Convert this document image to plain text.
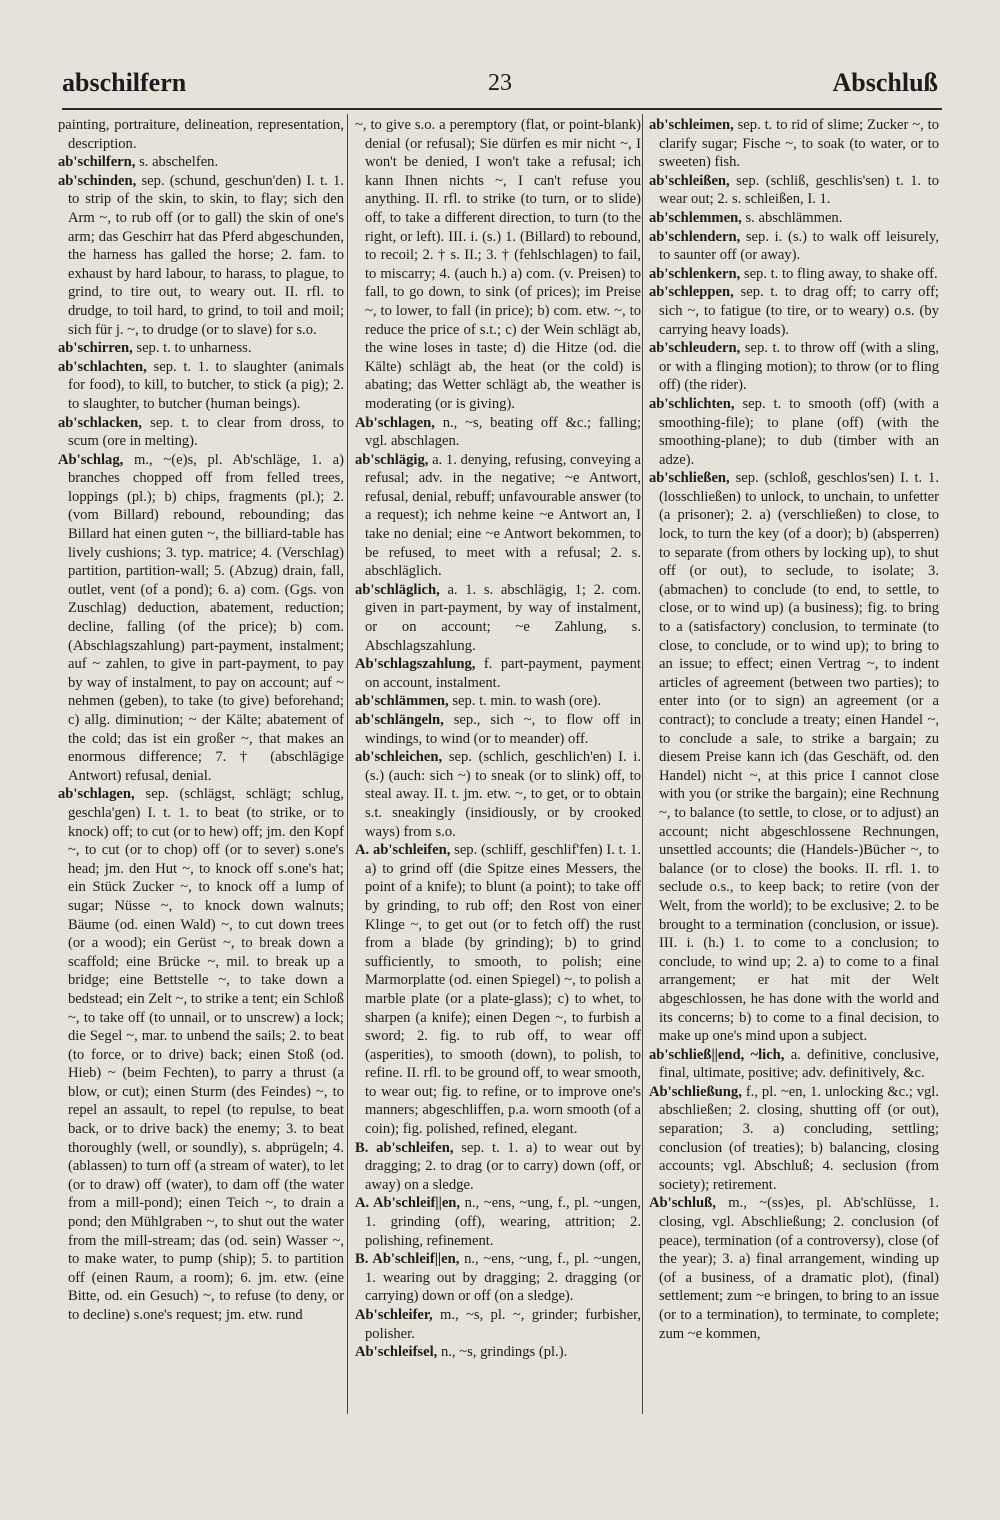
abschilfern	23	Abschluß

painting, portraiture, delineation, representation, description.

ab'schilfern, s. abschelfen.

ab'schinden, sep. (schund, geschun'den) I. t. 1. to strip of the skin, to skin, to flay; sich den Arm ~, to rub off (or to gall) the skin of one's arm; das Geschirr hat das Pferd abgeschunden, the harness has galled the horse; 2. fam. to exhaust by hard labour, to harass, to plague, to grind, to tire out, to weary out. II. rfl. to drudge, to toil hard, to grind, to toil and moil; sich für j. ~, to drudge (or to slave) for s.o.

ab'schirren, sep. t. to unharness.

ab'schlachten, sep. t. 1. to slaughter (animals for food), to kill, to butcher, to stick (a pig); 2. to slaughter, to butcher (human beings).

ab'schlacken, sep. t. to clear from dross, to scum (ore in melting).

Ab'schlag, m., ~(e)s, pl. Ab'schläge, 1. a) branches chopped off from felled trees, loppings (pl.); b) chips, fragments (pl.); 2. (vom Billard) rebound, rebounding; das Billard hat einen guten ~, the billiard-table has lively cushions; 3. typ. matrice; 4. (Verschlag) partition, partition-wall; 5. (Abzug) drain, fall, outlet, vent (of a pond); 6. a) com. (Ggs. von Zuschlag) deduction, abatement, reduction; decline, falling (of the price); b) com. (Abschlagszahlung) part-payment, instalment; auf ~ zahlen, to give in part-payment, to pay by way of instalment, to pay on account; auf ~ nehmen (geben), to take (to give) beforehand; c) allg. diminution; ~ der Kälte; abatement of the cold; das ist ein großer ~, that makes an enormous difference; 7. † (abschlägige Antwort) refusal, denial.

ab'schlagen, sep. (schlägst, schlägt; schlug, geschla'gen) I. t. 1. to beat (to strike, or to knock) off; to cut (or to hew) off; jm. den Kopf ~, to cut (or to chop) off (or to sever) s.one's head; jm. den Hut ~, to knock off s.one's hat; ein Stück Zucker ~, to knock off a lump of sugar; Nüsse ~, to knock down walnuts; Bäume (od. einen Wald) ~, to cut down trees (or a wood); ein Gerüst ~, to break down a scaffold; eine Brücke ~, mil. to break up a bridge; eine Bettstelle ~, to take down a bedstead; ein Zelt ~, to strike a tent; ein Schloß ~, to take off (to unnail, or to unscrew) a lock; die Segel ~, mar. to unbend the sails; 2. to beat (to force, or to drive) back; einen Stoß (od. Hieb) ~ (beim Fechten), to parry a thrust (a blow, or cut); einen Sturm (des Feindes) ~, to repel an assault, to repel (to repulse, to beat back, or to drive back) the enemy; 3. to beat thoroughly (well, or soundly), s. abprügeln; 4. (ablassen) to turn off (a stream of water), to let (or to draw) off (water), to dam off (the water from a mill-pond); einen Teich ~, to drain a pond; den Mühlgraben ~, to shut out the water from the mill-stream; das (od. sein) Wasser ~, to make water, to pump (ship); 5. to partition off (einen Raum, a room); 6. jm. etw. (eine Bitte, od. ein Gesuch) ~, to refuse (to deny, or to decline) s.one's request; jm. etw. rund

~, to give s.o. a peremptory (flat, or point-blank) denial (or refusal); Sie dürfen es mir nicht ~, I won't be denied, I won't take a refusal; ich kann Ihnen nichts ~, I can't refuse you anything. II. rfl. to strike (to turn, or to slide) off, to take a different direction, to turn (to the right, or left). III. i. (s.) 1. (Billard) to rebound, to recoil; 2. † s. II.; 3. † (fehlschlagen) to fail, to miscarry; 4. (auch h.) a) com. (v. Preisen) to fall, to go down, to sink (of prices); im Preise ~, to lower, to fall (in price); b) com. etw. ~, to reduce the price of s.t.; c) der Wein schlägt ab, the wine loses in taste; d) die Hitze (od. die Kälte) schlägt ab, the heat (or the cold) is abating; das Wetter schlägt ab, the weather is moderating (or is giving).

Ab'schlagen, n., ~s, beating off &c.; falling; vgl. abschlagen.

ab'schlägig, a. 1. denying, refusing, conveying a refusal; adv. in the negative; ~e Antwort, refusal, denial, rebuff; unfavourable answer (to a request); ich nehme keine ~e Antwort an, I take no denial; eine ~e Antwort bekommen, to be refused, to meet with a refusal; 2. s. abschläglich.

ab'schläglich, a. 1. s. abschlägig, 1; 2. com. given in part-payment, by way of instalment, or on account; ~e Zahlung, s. Abschlagszahlung.

Ab'schlagszahlung, f. part-payment, payment on account, instalment.

ab'schlämmen, sep. t. min. to wash (ore).

ab'schlängeln, sep., sich ~, to flow off in windings, to wind (or to meander) off.

ab'schleichen, sep. (schlich, geschlich'en) I. i. (s.) (auch: sich ~) to sneak (or to slink) off, to steal away. II. t. jm. etw. ~, to get, or to obtain s.t. sneakingly (insidiously, or by crooked ways) from s.o.

A. ab'schleifen, sep. (schliff, geschlif'fen) I. t. 1. a) to grind off (die Spitze eines Messers, the point of a knife); to blunt (a point); to take off by grinding, to rub off; den Rost von einer Klinge ~, to get out (or to fetch off) the rust from a blade (by grinding); b) to grind sufficiently, to smooth, to polish; eine Marmorplatte (od. einen Spiegel) ~, to polish a marble plate (or a plate-glass); c) to whet, to sharpen (a knife); einen Degen ~, to furbish a sword; 2. fig. to rub off, to wear off (asperities), to smooth (down), to polish, to refine. II. rfl. to be ground off, to wear smooth, to wear out; fig. to refine, or to improve one's manners; abgeschliffen, p.a. worn smooth (of a coin); fig. polished, refined, elegant.

B. ab'schleifen, sep. t. 1. a) to wear out by dragging; 2. to drag (or to carry) down (off, or away) on a sledge.

A. Ab'schleif||en, n., ~ens, ~ung, f., pl. ~ungen, 1. grinding (off), wearing, attrition; 2. polishing, refinement.

B. Ab'schleif||en, n., ~ens, ~ung, f., pl. ~ungen, 1. wearing out by dragging; 2. dragging (or carrying) down or off (on a sledge).

Ab'schleifer, m., ~s, pl. ~, grinder; furbisher, polisher.

Ab'schleifsel, n., ~s, grindings (pl.).

ab'schleimen, sep. t. to rid of slime; Zucker ~, to clarify sugar; Fische ~, to soak (to water, or to sweeten) fish.

ab'schleißen, sep. (schliß, geschlis'sen) t. 1. to wear out; 2. s. schleißen, I. 1.

ab'schlemmen, s. abschlämmen.

ab'schlendern, sep. i. (s.) to walk off leisurely, to saunter off (or away).

ab'schlenkern, sep. t. to fling away, to shake off.

ab'schleppen, sep. t. to drag off; to carry off; sich ~, to fatigue (to tire, or to weary) o.s. (by carrying heavy loads).

ab'schleudern, sep. t. to throw off (with a sling, or with a flinging motion); to throw (or to fling off) (the rider).

ab'schlichten, sep. t. to smooth (off) (with a smoothing-file); to plane (off) (with the smoothing-plane); to dub (timber with an adze).

ab'schließen, sep. (schloß, geschlos'sen) I. t. 1. (losschließen) to unlock, to unchain, to unfetter (a prisoner); 2. a) (verschließen) to close, to lock, to turn the key (of a door); b) (absperren) to separate (from others by locking up), to shut off (or out), to seclude, to isolate; 3. (abmachen) to conclude (to end, to settle, to close, or to wind up) (a business); fig. to bring to a (satisfactory) conclusion, to terminate (to close, to conclude, or to wind up); to bring to an issue; to effect; einen Vertrag ~, to indent articles of agreement (between two parties); to enter into (or to sign) an agreement (or a contract); to conclude a treaty; einen Handel ~, to conclude a sale, to strike a bargain; zu diesem Preise kann ich (das Geschäft, od. den Handel) nicht ~, at this price I cannot close with you (or strike the bargain); eine Rechnung ~, to balance (to settle, to close, or to adjust) an account; nicht abgeschlossene Rechnungen, unsettled accounts; die (Handels-)Bücher ~, to balance (or to close) the books. II. rfl. 1. to seclude o.s., to keep back; to retire (von der Welt, from the world); to be exclusive; 2. to be brought to a termination (conclusion, or issue). III. i. (h.) 1. to come to a conclusion; to conclude, to wind up; 2. a) to come to a final arrangement; er hat mit der Welt abgeschlossen, he has done with the world and its concerns; b) to come to a final decision, to make up one's mind upon a subject.

ab'schließ||end, ~lich, a. definitive, conclusive, final, ultimate, positive; adv. definitively, &c.

Ab'schließung, f., pl. ~en, 1. unlocking &c.; vgl. abschließen; 2. closing, shutting off (or out), separation; 3. a) concluding, settling; conclusion (of treaties); b) balancing, closing accounts; vgl. Abschluß; 4. seclusion (from society); retirement.

Ab'schluß, m., ~(ss)es, pl. Ab'schlüsse, 1. closing, vgl. Abschließung; 2. conclusion (of peace), termination (of a controversy), close (of the year); 3. a) final arrangement, winding up (of a business, of a dramatic plot), (final) settlement; zum ~e bringen, to bring to an issue (or to a termination), to terminate, to complete; zum ~e kommen,
